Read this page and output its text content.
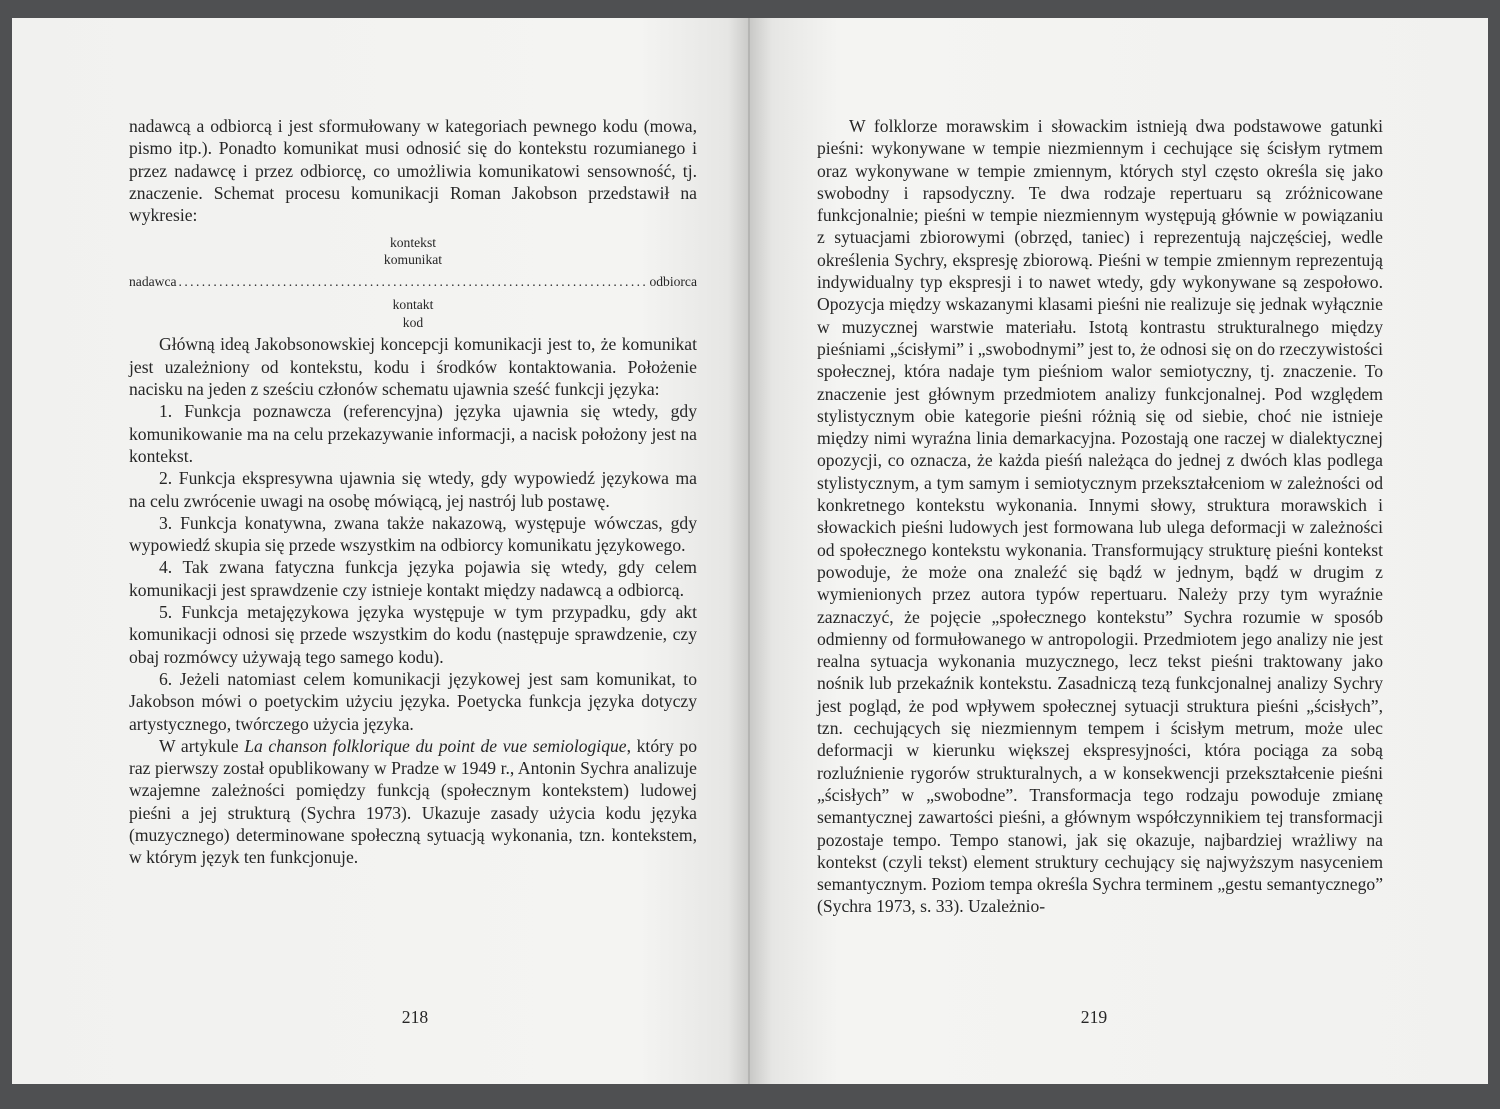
nadawcą a odbiorcą i jest sformułowany w kategoriach pewnego kodu (mowa, pismo itp.). Ponadto komunikat musi odnosić się do kontekstu rozumianego i przez nadawcę i przez odbiorcę, co umożliwia komunikatowi sensowność, tj. znaczenie. Schemat procesu komunikacji Roman Jakobson przedstawił na wykresie:

kontekst
komunikat
nadawca
.....	odbiorca
kontakt
kod

Główną ideą Jakobsonowskiej koncepcji komunikacji jest to, że komunikat jest uzależniony od kontekstu, kodu i środków kontaktowania. Położenie nacisku na jeden z sześciu członów schematu ujawnia sześć funkcji języka:

1. Funkcja poznawcza (referencyjna) języka ujawnia się wtedy, gdy komunikowanie ma na celu przekazywanie informacji, a nacisk położony jest na kontekst.

2. Funkcja ekspresywna ujawnia się wtedy, gdy wypowiedź językowa ma na celu zwrócenie uwagi na osobę mówiącą, jej nastrój lub postawę.

3. Funkcja konatywna, zwana także nakazową, występuje wówczas, gdy wypowiedź skupia się przede wszystkim na odbiorcy komunikatu językowego.

4. Tak zwana fatyczna funkcja języka pojawia się wtedy, gdy celem komunikacji jest sprawdzenie czy istnieje kontakt między nadawcą a odbiorcą.

5. Funkcja metajęzykowa języka występuje w tym przypadku, gdy akt komunikacji odnosi się przede wszystkim do kodu (następuje sprawdzenie, czy obaj rozmówcy używają tego samego kodu).

6. Jeżeli natomiast celem komunikacji językowej jest sam komunikat, to Jakobson mówi o poetyckim użyciu języka. Poetycka funkcja języka dotyczy artystycznego, twórczego użycia języka.

W artykule La chanson folklorique du point de vue semiologique, który po raz pierwszy został opublikowany w Pradze w 1949 r., Antonin Sychra analizuje wzajemne zależności pomiędzy funkcją (społecznym kontekstem) ludowej pieśni a jej strukturą (Sychra 1973). Ukazuje zasady użycia kodu języka (muzycznego) determinowane społeczną sytuacją wykonania, tzn. kontekstem, w którym język ten funkcjonuje.

218

W folklorze morawskim i słowackim istnieją dwa podstawowe gatunki pieśni: wykonywane w tempie niezmiennym i cechujące się ścisłym rytmem oraz wykonywane w tempie zmiennym, których styl często określa się jako swobodny i rapsodyczny. Te dwa rodzaje repertuaru są zróżnicowane funkcjonalnie; pieśni w tempie niezmiennym występują głównie w powiązaniu z sytuacjami zbiorowymi (obrzęd, taniec) i reprezentują najczęściej, wedle określenia Sychry, ekspresję zbiorową. Pieśni w tempie zmiennym reprezentują indywidualny typ ekspresji i to nawet wtedy, gdy wykonywane są zespołowo. Opozycja między wskazanymi klasami pieśni nie realizuje się jednak wyłącznie w muzycznej warstwie materiału. Istotą kontrastu strukturalnego między pieśniami „ścisłymi” i „swobodnymi” jest to, że odnosi się on do rzeczywistości społecznej, która nadaje tym pieśniom walor semiotyczny, tj. znaczenie. To znaczenie jest głównym przedmiotem analizy funkcjonalnej. Pod względem stylistycznym obie kategorie pieśni różnią się od siebie, choć nie istnieje między nimi wyraźna linia demarkacyjna. Pozostają one raczej w dialektycznej opozycji, co oznacza, że każda pieśń należąca do jednej z dwóch klas podlega stylistycznym, a tym samym i semiotycznym przekształceniom w zależności od konkretnego kontekstu wykonania. Innymi słowy, struktura morawskich i słowackich pieśni ludowych jest formowana lub ulega deformacji w zależności od społecznego kontekstu wykonania. Transformujący strukturę pieśni kontekst powoduje, że może ona znaleźć się bądź w jednym, bądź w drugim z wymienionych przez autora typów repertuaru. Należy przy tym wyraźnie zaznaczyć, że pojęcie „społecznego kontekstu” Sychra rozumie w sposób odmienny od formułowanego w antropologii. Przedmiotem jego analizy nie jest realna sytuacja wykonania muzycznego, lecz tekst pieśni traktowany jako nośnik lub przekaźnik kontekstu. Zasadniczą tezą funkcjonalnej analizy Sychry jest pogląd, że pod wpływem społecznej sytuacji struktura pieśni „ścisłych”, tzn. cechujących się niezmiennym tempem i ścisłym metrum, może ulec deformacji w kierunku większej ekspresyjności, która pociąga za sobą rozluźnienie rygorów strukturalnych, a w konsekwencji przekształcenie pieśni „ścisłych” w „swobodne”. Transformacja tego rodzaju powoduje zmianę semantycznej zawartości pieśni, a głównym współczynnikiem tej transformacji pozostaje tempo. Tempo stanowi, jak się okazuje, najbardziej wrażliwy na kontekst (czyli tekst) element struktury cechujący się najwyższym nasyceniem semantycznym. Poziom tempa określa Sychra terminem „gestu semantycznego” (Sychra 1973, s. 33). Uzależnio-

219
